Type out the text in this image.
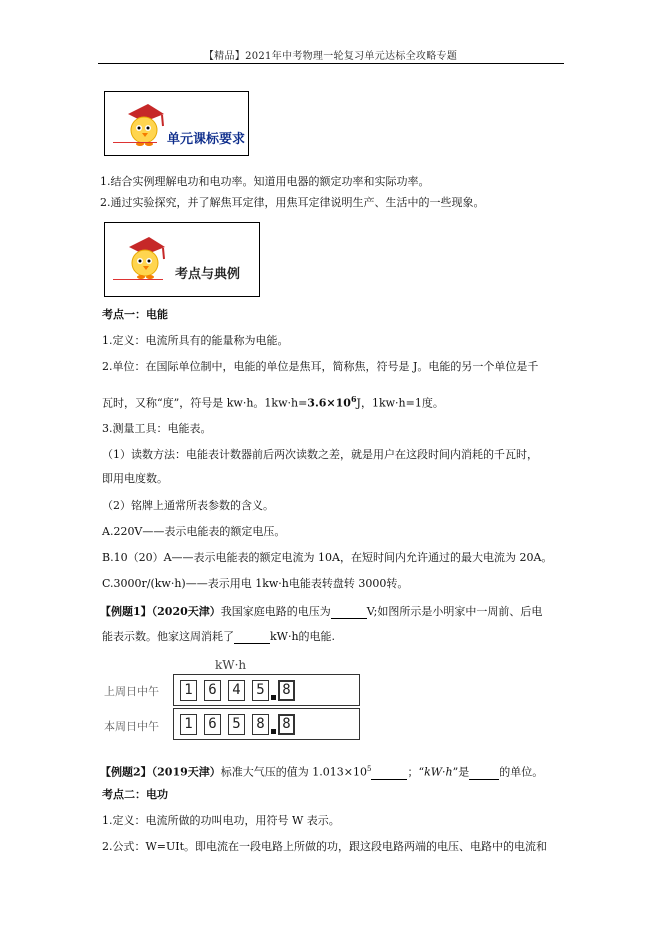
【精品】2021年中考物理一轮复习单元达标全攻略专题
单元课标要求
1.结合实例理解电功和电功率。知道用电器的额定功率和实际功率。
2.通过实验探究，并了解焦耳定律，用焦耳定律说明生产、生活中的一些现象。
考点与典例
考点一：电能
1.定义：电流所具有的能量称为电能。
2.单位：在国际单位制中，电能的单位是焦耳，简称焦，符号是 J。电能的另一个单位是千
瓦时，又称“度”，符号是 kw·h。$1kw\cdot h=3.6\times 10^6J$，1kw·h=1度。
3.测量工具：电能表。
（1）读数方法：电能表计数器前后两次读数之差，就是用户在这段时间内消耗的千瓦时，
即用电度数。
（2）铭牌上通常所表参数的含义。
A.220V——表示电能表的额定电压。
B.10（20）A——表示电能表的额定电流为 10A，在短时间内允许通过的最大电流为 20A。
C.3000r/(kw·h)——表示用电 1kw·h电能表转盘转 3000转。
【例题1】（2020天津）我国家庭电路的电压为	V;如图所示是小明家中一周前、后电
能表示数。他家这周消耗了	kW·h的电能.
kW·h
上周日中午	1	6	4	5	8
本周日中午	1	6	5	8	8
【例题2】（2019天津）标准大气压的值为 $1.013\times 10^5$	；“kW·h”是	的单位。
考点二：电功
1.定义：电流所做的功叫电功，用符号 W 表示。
2.公式：W=UIt。即电流在一段电路上所做的功，跟这段电路两端的电压、电路中的电流和
